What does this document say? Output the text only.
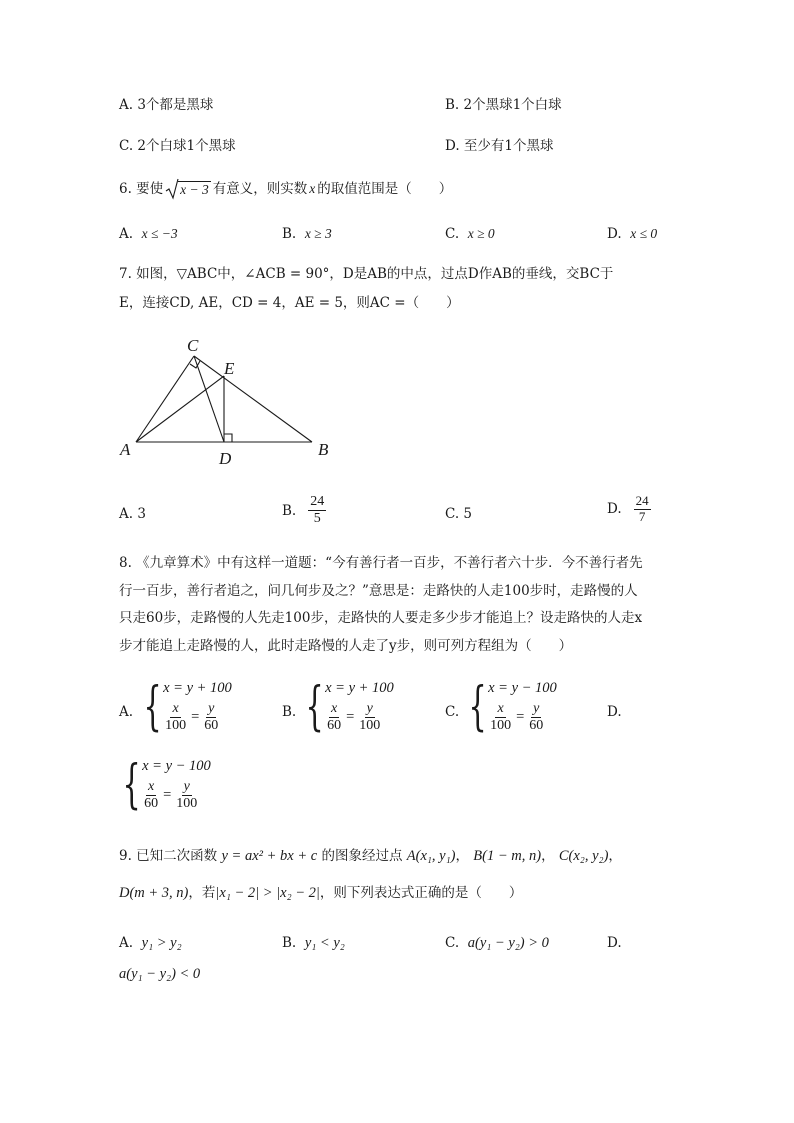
A. 3个都是黑球	B. 2个黑球1个白球
C. 2个白球1个黑球	D. 至少有1个黑球
6. 要使 x − 3 有意义，则实数 x 的取值范围是（　　）
A. x ≤ −3	B. x ≥ 3	C. x ≥ 0	D. x ≤ 0
7. 如图，▽ABC中，∠ACB = 90°，D是AB的中点，过点D作AB的垂线，交BC于
E，连接CD, AE，CD = 4，AE = 5，则AC =（　　）
C
E
A	D	B
A. 3	B. $\frac{24}{5}$	C. 5	D. $\frac{24}{7}$
8. 《九章算术》中有这样一道题：“今有善行者一百步，不善行者六十步．今不善行者先
行一百步，善行者追之，问几何步及之？”意思是：走路快的人走100步时，走路慢的人
只走60步，走路慢的人先走100步，走路快的人要走多少步才能追上？设走路快的人走x
步才能追上走路慢的人，此时走路慢的人走了y步，则可列方程组为（　　）
A. { x = y + 100
$\frac{x}{100} = \frac{y}{60}$	B. { x = y + 100
$\frac{x}{60} = \frac{y}{100}$	C. { x = y − 100
$\frac{x}{100} = \frac{y}{60}$	D.
{ x = y − 100
$\frac{x}{60} = \frac{y}{100}$
9. 已知二次函数 y = ax² + bx + c 的图象经过点 A(x₁, y₁)， B(1 − m, n)， C(x₂, y₂)，
D(m + 3, n)，若|x₁ − 2| > |x₂ − 2|，则下列表达式正确的是（　　）
A. y₁ > y₂	B. y₁ < y₂	C. a(y₁ − y₂) > 0	D.
a(y₁ − y₂) < 0
